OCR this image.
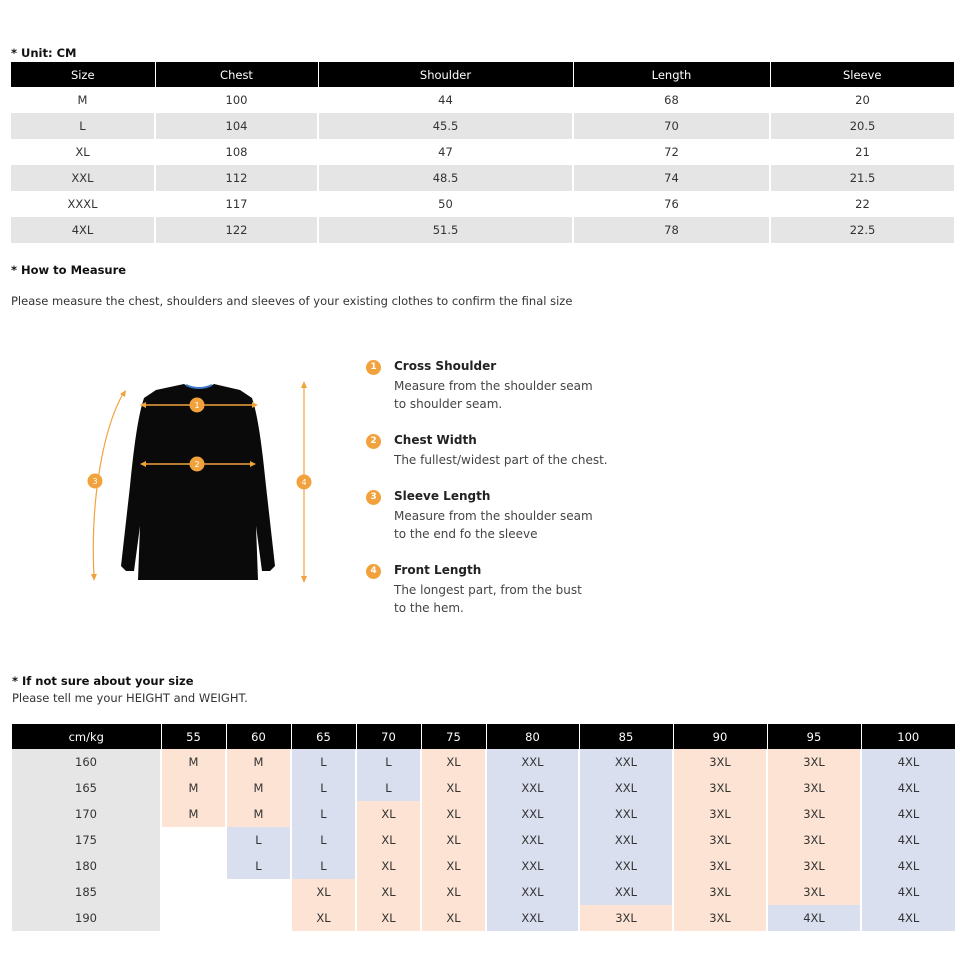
* Unit: CM
Size	Chest	Shoulder	Length	Sleeve
M	100	44	68	20
L	104	45.5	70	20.5
XL	108	47	72	21
XXL	112	48.5	74	21.5
XXXL	117	50	76	22
4XL	122	51.5	78	22.5
* How to Measure
Please measure the chest, shoulders and sleeves of your existing clothes to confirm the final size
1
2
3	4
1	Cross Shoulder
Measure from the shoulder seam to shoulder seam.
2	Chest Width
The fullest/widest part of the chest.
3	Sleeve Length
Measure from the shoulder seam to the end fo the sleeve
4	Front Length
The longest part, from the bust to the hem.
* If not sure about your size
Please tell me your HEIGHT and WEIGHT.
cm/kg	55	60	65	70	75	80	85	90	95	100
160	M	M	L	L	XL	XXL	XXL	3XL	3XL	4XL
165	M	M	L	L	XL	XXL	XXL	3XL	3XL	4XL
170	M	M	L	XL	XL	XXL	XXL	3XL	3XL	4XL
175		L	L	XL	XL	XXL	XXL	3XL	3XL	4XL
180		L	L	XL	XL	XXL	XXL	3XL	3XL	4XL
185			XL	XL	XL	XXL	XXL	3XL	3XL	4XL
190			XL	XL	XL	XXL	3XL	3XL	4XL	4XL
